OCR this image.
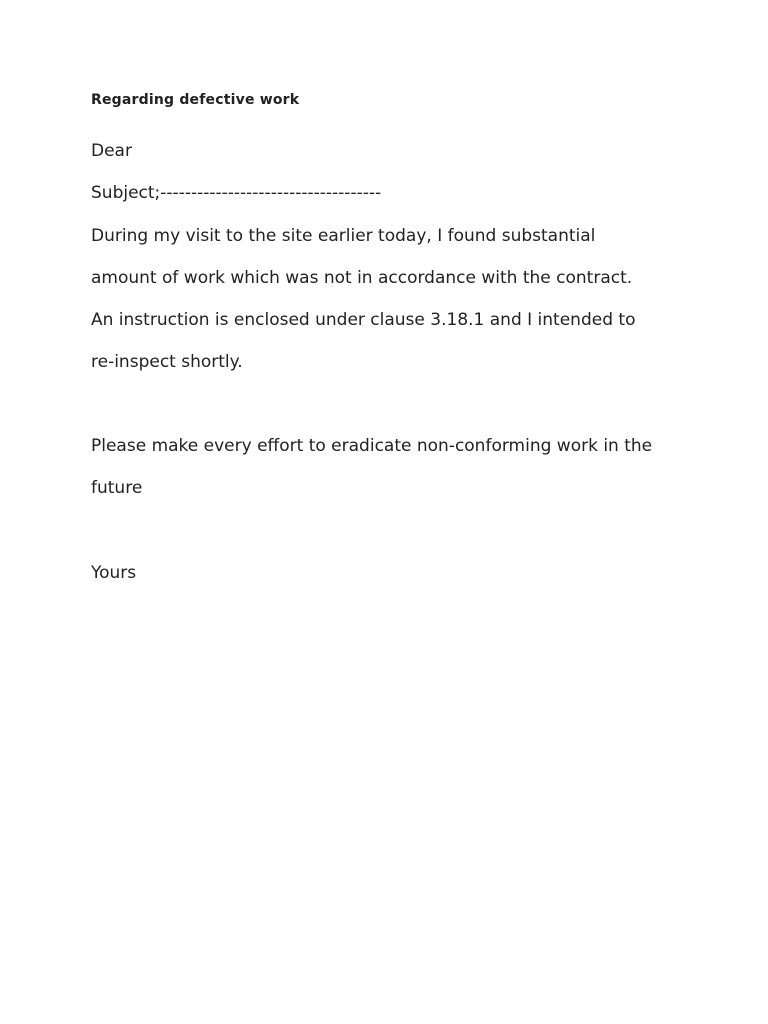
Regarding defective work
Dear
Subject;------------------------------------
During my visit to the site earlier today, I found substantial
amount of work which was not in accordance with the contract.
An instruction is enclosed under clause 3.18.1 and I intended to
re-inspect shortly.
Please make every effort to eradicate non-conforming work in the
future
Yours
